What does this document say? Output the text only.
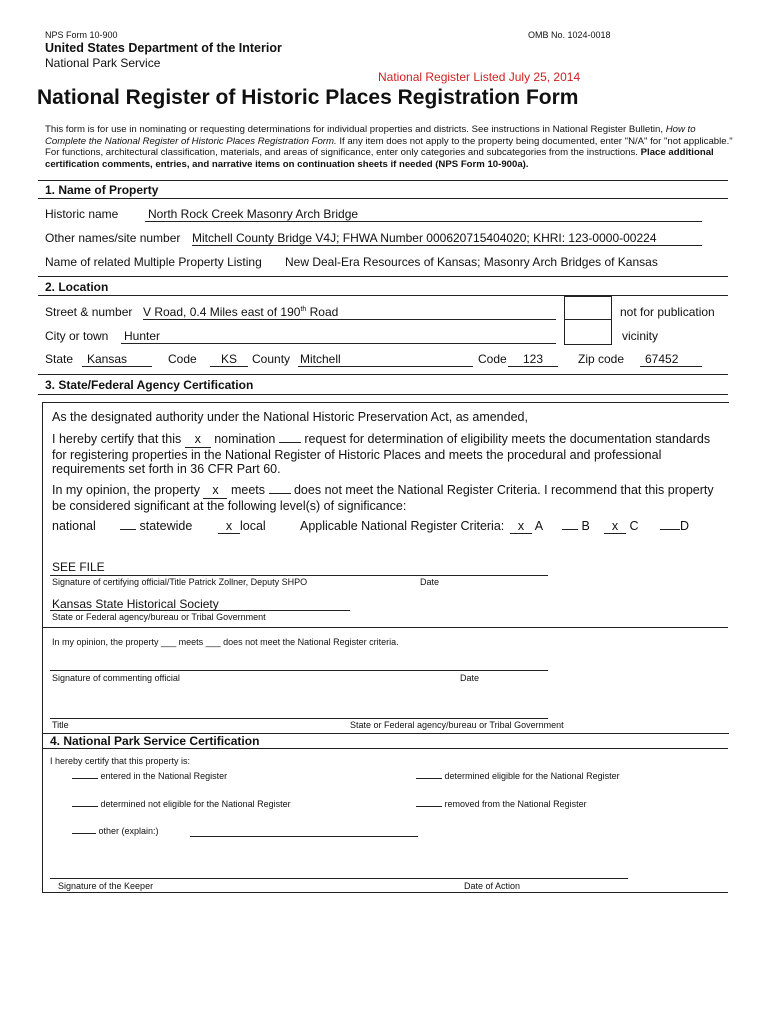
NPS Form 10-900	OMB No. 1024-0018
United States Department of the Interior
National Park Service
National Register Listed July 25, 2014
National Register of Historic Places Registration Form
This form is for use in nominating or requesting determinations for individual properties and districts. See instructions in National Register Bulletin, How to Complete the National Register of Historic Places Registration Form. If any item does not apply to the property being documented, enter "N/A" for "not applicable." For functions, architectural classification, materials, and areas of significance, enter only categories and subcategories from the instructions. Place additional certification comments, entries, and narrative items on continuation sheets if needed (NPS Form 10-900a).
1. Name of Property
Historic name North Rock Creek Masonry Arch Bridge
Other names/site number Mitchell County Bridge V4J; FHWA Number 000620715404020; KHRI: 123-0000-00224
Name of related Multiple Property Listing New Deal-Era Resources of Kansas; Masonry Arch Bridges of Kansas
2. Location
Street & number V Road, 0.4 Miles east of 190th Road	not for publication
City or town Hunter	vicinity
State	Kansas	Code	KS	County Mitchell	Code	123	Zip code	67452
3. State/Federal Agency Certification
As the designated authority under the National Historic Preservation Act, as amended,
I hereby certify that this x nomination request for determination of eligibility meets the documentation standards
for registering properties in the National Register of Historic Places and meets the procedural and professional
requirements set forth in 36 CFR Part 60.
In my opinion, the property x meets does not meet the National Register Criteria. I recommend that this property
be considered significant at the following level(s) of significance:
national	statewide	x local	Applicable National Register Criteria:	x A	B	x C	D
SEE FILE
Signature of certifying official/Title Patrick Zollner, Deputy SHPO	Date
Kansas State Historical Society
State or Federal agency/bureau or Tribal Government
In my opinion, the property ___ meets ___ does not meet the National Register criteria.
Signature of commenting official	Date
Title	State or Federal agency/bureau or Tribal Government
4. National Park Service Certification
I hereby certify that this property is:
entered in the National Register	determined eligible for the National Register
determined not eligible for the National Register	removed from the National Register
other (explain:)
Signature of the Keeper	Date of Action
